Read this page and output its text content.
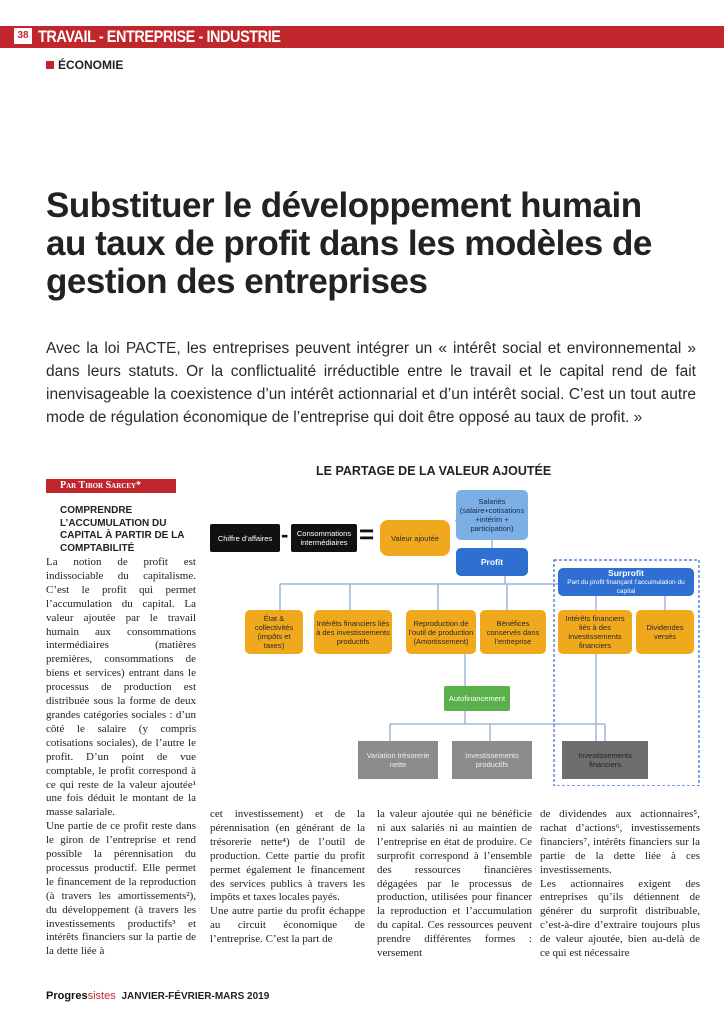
38 TRAVAIL - ENTREPRISE - INDUSTRIE
ÉCONOMIE
Substituer le développement humain au taux de profit dans les modèles de gestion des entreprises

Avec la loi PACTE, les entreprises peuvent intégrer un « intérêt social et environnemental » dans leurs statuts. Or la conflictualité irréductible entre le travail et le capital rend de fait inenvisageable la coexistence d’un intérêt actionnarial et d’un intérêt social. C’est un tout autre mode de régulation économique de l’entreprise qui doit être opposé au taux de profit. »

Par Tibor Sarcey*
COMPRENDRE L’ACCUMULATION DU CAPITAL À PARTIR DE LA COMPTABILITÉ

La notion de profit est indissociable du capitalisme. C’est le profit qui permet l’accumulation du capital. La valeur ajoutée par le travail humain aux consommations intermédiaires (matières premières, consommations de biens et services) entrant dans le processus de production est distribuée sous la forme de deux grandes catégories sociales : d’un côté le salaire (y compris cotisations sociales), de l’autre le profit. D’un point de vue comptable, le profit correspond à ce qui reste de la valeur ajoutée¹ une fois déduit le montant de la masse salariale.

Une partie de ce profit reste dans le giron de l’entreprise et rend possible la pérennisation du processus productif. Elle permet le financement de la reproduction (à travers les amortissements²), du développement (à travers les investissements productifs³ et intérêts financiers sur la partie de la dette liée à

LE PARTAGE DE LA VALEUR AJOUTÉE
Chiffre d’affaires -	Consommations intermédiaires =	Valeur ajoutée
Salariés (salaire+cotisations +intérim + participation)
Profit
Surprofit
Part du profit finançant l’accumulation du capital
État & collectivités (impôts et taxes)
Intérêts financiers liés à des investissements productifs
Reproduction de l’outil de production (Amortissement)
Bénéfices conservés dans l’entreprise
Intérêts financiers liés à des investissements financiers
Dividendes versés
Autofinancement
Variation trésorerie nette
Investissements productifs
Investissements financiers

cet investissement) et de la pérennisation (en générant de la trésorerie nette⁴) de l’outil de production. Cette partie du profit permet également le financement des services publics à travers les impôts et taxes locales payés.

Une autre partie du profit échappe au circuit économique de l’entreprise. C’est la part de

la valeur ajoutée qui ne bénéficie ni aux salariés ni au maintien de l’entreprise en état de produire. Ce surprofit correspond à l’ensemble des ressources financières dégagées par le processus de production, utilisées pour financer la reproduction et l’accumulation du capital. Ces ressources peuvent prendre différentes formes : versement

de dividendes aux actionnaires⁵, rachat d’actions⁶, investissements financiers⁷, intérêts financiers sur la partie de la dette liée à ces investissements.

Les actionnaires exigent des entreprises qu’ils détiennent de générer du surprofit distribuable, c’est-à-dire d’extraire toujours plus de valeur ajoutée, bien au-delà de ce qui est nécessaire

Progressistes JANVIER-FÉVRIER-MARS 2019
